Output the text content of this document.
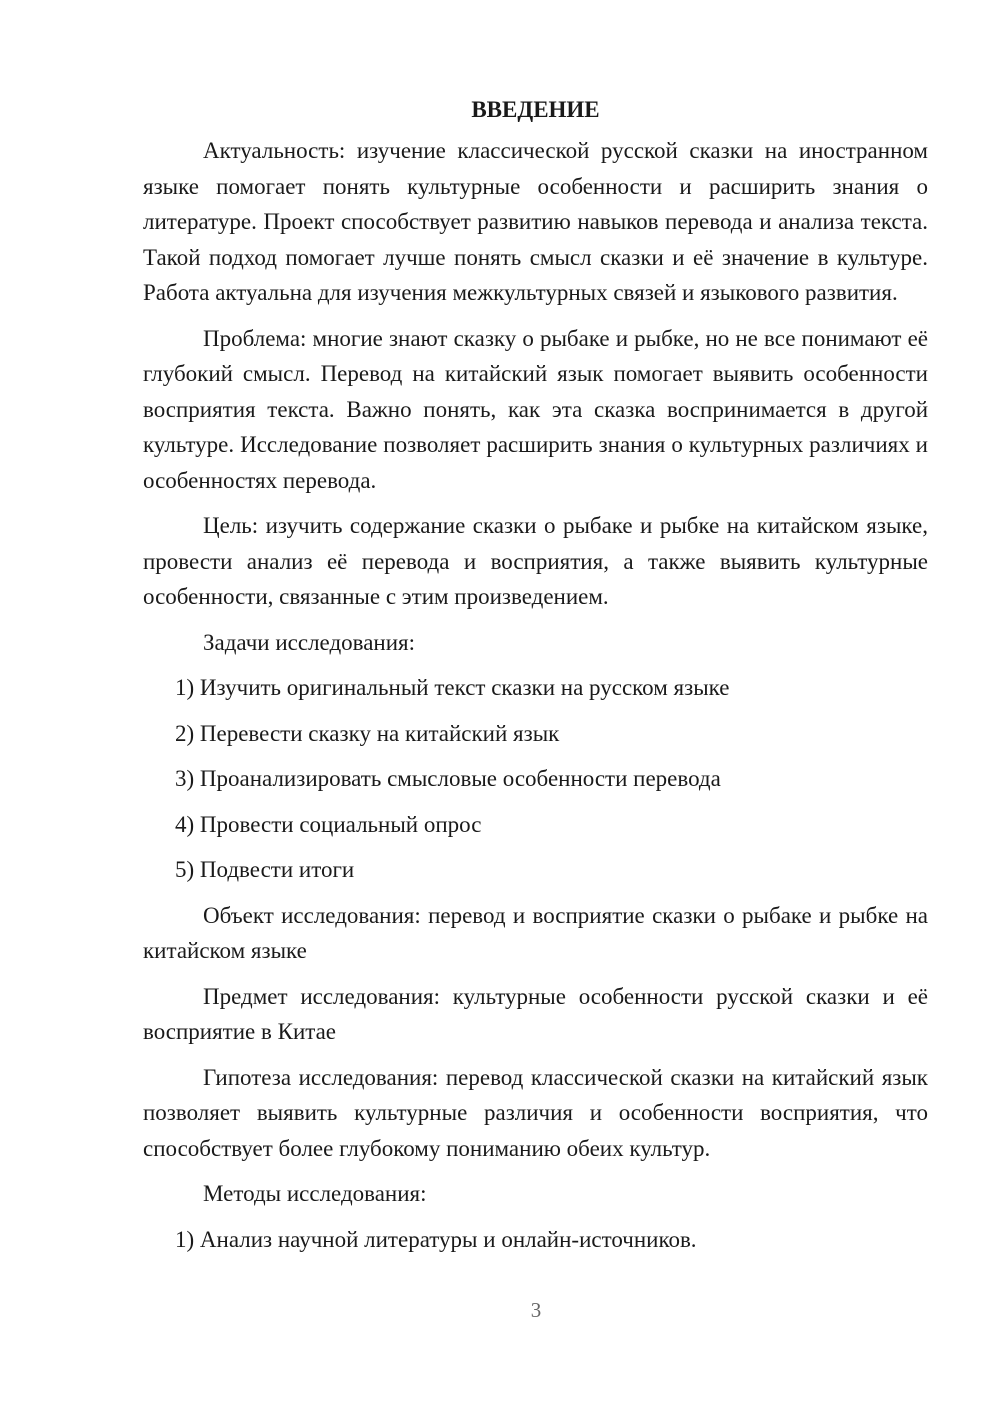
ВВЕДЕНИЕ

Актуальность: изучение классической русской сказки на иностранном языке помогает понять культурные особенности и расширить знания о литературе. Проект способствует развитию навыков перевода и анализа текста. Такой подход помогает лучше понять смысл сказки и её значение в культуре. Работа актуальна для изучения межкультурных связей и языкового развития.

Проблема: многие знают сказку о рыбаке и рыбке, но не все понимают её глубокий смысл. Перевод на китайский язык помогает выявить особенности восприятия текста. Важно понять, как эта сказка воспринимается в другой культуре. Исследование позволяет расширить знания о культурных различиях и особенностях перевода.

Цель: изучить содержание сказки о рыбаке и рыбке на китайском языке, провести анализ её перевода и восприятия, а также выявить культурные особенности, связанные с этим произведением.

Задачи исследования:

1) Изучить оригинальный текст сказки на русском языке
2) Перевести сказку на китайский язык
3) Проанализировать смысловые особенности перевода
4) Провести социальный опрос
5) Подвести итоги

Объект исследования: перевод и восприятие сказки о рыбаке и рыбке на китайском языке

Предмет исследования: культурные особенности русской сказки и её восприятие в Китае

Гипотеза исследования: перевод классической сказки на китайский язык позволяет выявить культурные различия и особенности восприятия, что способствует более глубокому пониманию обеих культур.

Методы исследования:

1) Анализ научной литературы и онлайн-источников.
3
